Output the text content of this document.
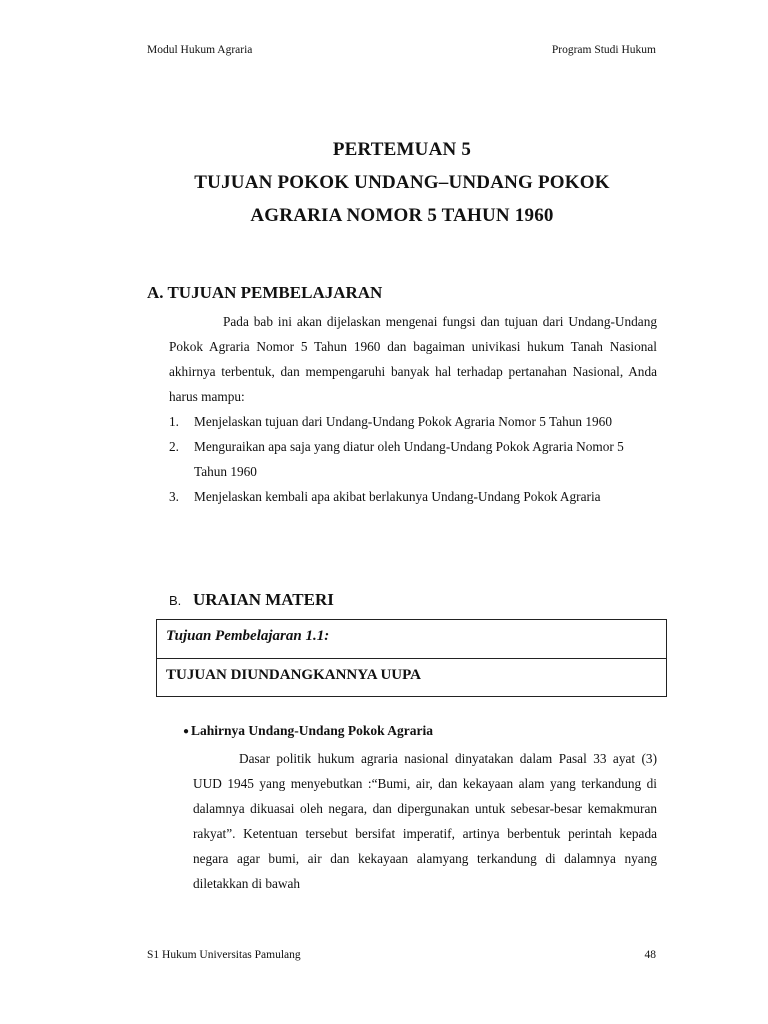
Modul Hukum Agraria	Program Studi Hukum
PERTEMUAN 5
TUJUAN POKOK UNDANG–UNDANG POKOK
AGRARIA NOMOR 5 TAHUN 1960
A. TUJUAN PEMBELAJARAN

Pada bab ini akan dijelaskan mengenai fungsi dan tujuan dari Undang-Undang Pokok Agraria Nomor 5 Tahun 1960 dan bagaiman univikasi hukum Tanah Nasional akhirnya terbentuk, dan mempengaruhi banyak hal terhadap pertanahan Nasional, Anda harus mampu:

1. Menjelaskan tujuan dari Undang-Undang Pokok Agraria Nomor 5 Tahun 1960
2. Menguraikan apa saja yang diatur oleh Undang-Undang Pokok Agraria Nomor 5 Tahun 1960
3. Menjelaskan kembali apa akibat berlakunya Undang-Undang Pokok Agraria
B. URAIAN MATERI
Tujuan Pembelajaran 1.1:
TUJUAN DIUNDANGKANNYA UUPA
● Lahirnya Undang-Undang Pokok Agraria

Dasar politik hukum agraria nasional dinyatakan dalam Pasal 33 ayat (3) UUD 1945 yang menyebutkan :“Bumi, air, dan kekayaan alam yang terkandung di dalamnya dikuasai oleh negara, dan dipergunakan untuk sebesar-besar kemakmuran rakyat”. Ketentuan tersebut bersifat imperatif, artinya berbentuk perintah kepada negara agar bumi, air dan kekayaan alamyang terkandung di dalamnya nyang diletakkan di bawah

S1 Hukum Universitas Pamulang	48
